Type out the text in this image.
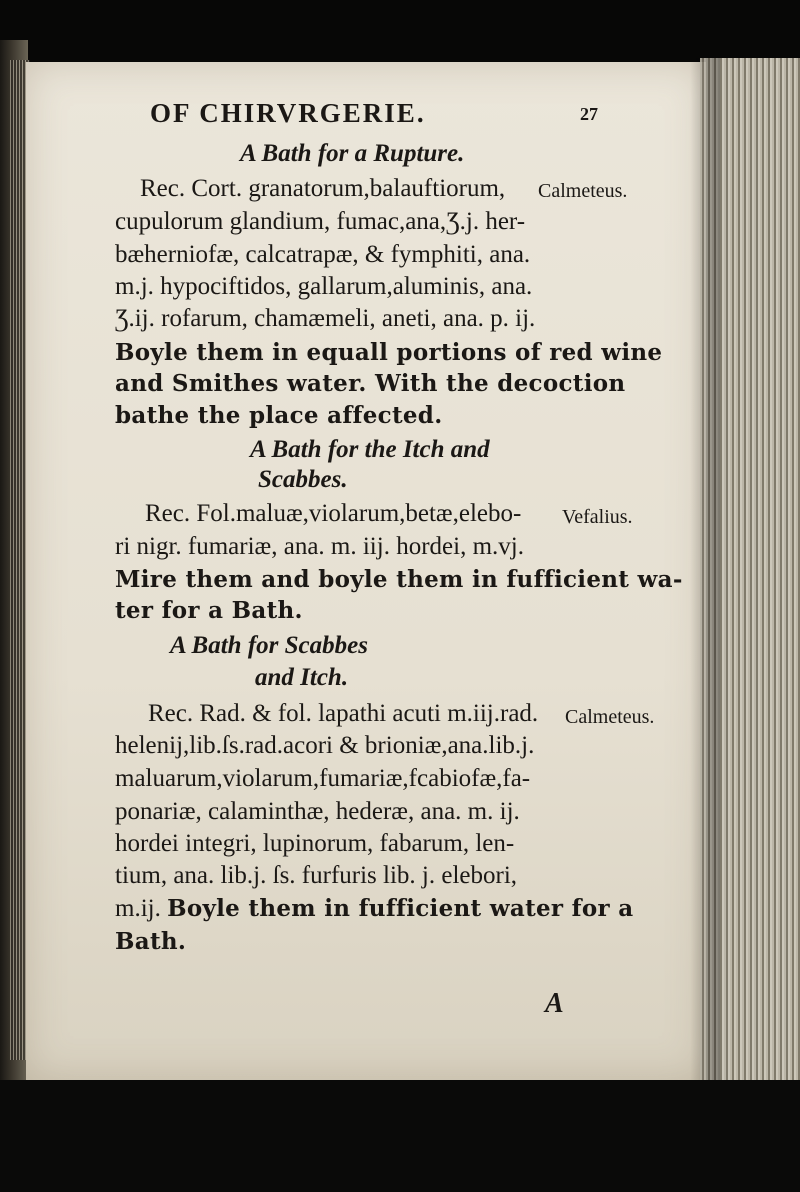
OF CHIRVRGERIE.	27
A Bath for a Rupture.
Rec. Cort. granatorum,balauftiorum, Calmeteus.
cupulorum glandium, fumac,ana,Ʒ.j. her-
bæherniofæ, calcatrapæ, & fymphiti, ana.
m.j. hypociftidos, gallarum,aluminis, ana.
Ʒ.ij. rofarum, chamæmeli, aneti, ana. p. ij.
Boyle them in equall portions of red wine
and Smithes water. With the decoction
bathe the place affected.
A Bath for the Itch and
Scabbes.
Rec. Fol.maluæ,violarum,betæ,elebo- Vefalius.
ri nigr. fumariæ, ana. m. iij. hordei, m.vj.
Mire them and boyle them in fufficient wa-
ter for a Bath.
A Bath for Scabbes
and Itch.
Rec. Rad. & fol. lapathi acuti m.iij.rad. Calmeteus.
helenij,lib.ſs.rad.acori & brioniæ,ana.lib.j.
maluarum,violarum,fumariæ,fcabiofæ,fa-
ponariæ, calaminthæ, hederæ, ana. m. ij.
hordei integri, lupinorum, fabarum, len-
tium, ana. lib.j. ſs. furfuris lib. j. elebori,
m.ij. Boyle them in fufficient water for a
Bath.
A
